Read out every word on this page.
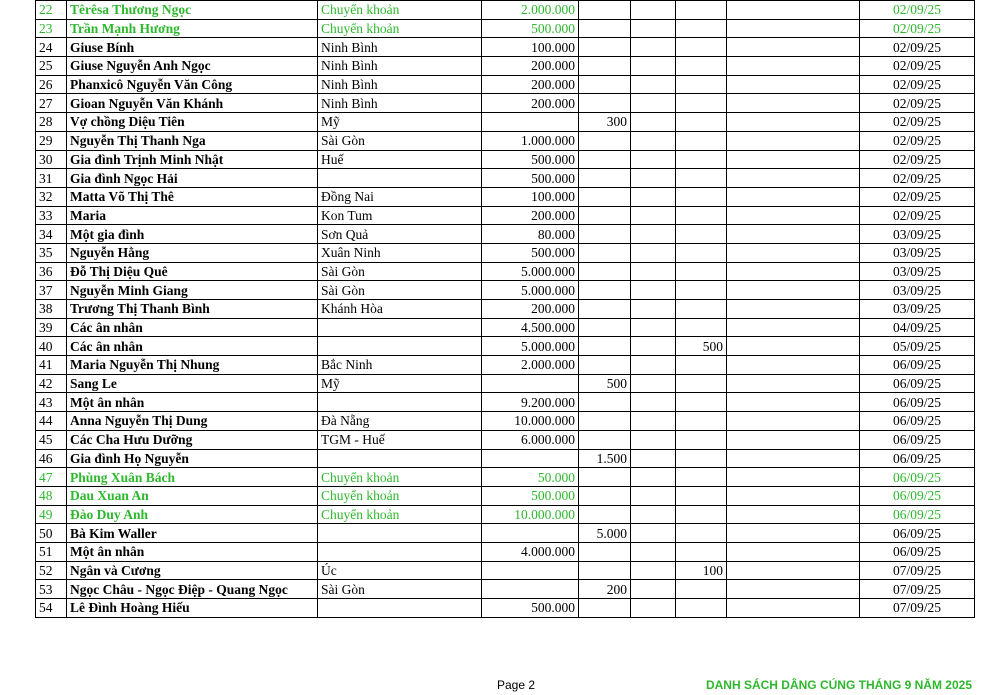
22	Têrêsa Thương Ngọc	Chuyển khoản	2.000.000					02/09/25
23	Trần Mạnh Hương	Chuyển khoản	500.000					02/09/25
24	Giuse Bính	Ninh Bình	100.000					02/09/25
25	Giuse Nguyễn Anh Ngọc	Ninh Bình	200.000					02/09/25
26	Phanxicô Nguyễn Văn Công	Ninh Bình	200.000					02/09/25
27	Gioan Nguyễn Văn Khánh	Ninh Bình	200.000					02/09/25
28	Vợ chồng Diệu Tiên	Mỹ		300				02/09/25
29	Nguyễn Thị Thanh Nga	Sài Gòn	1.000.000					02/09/25
30	Gia đình Trịnh Minh Nhật	Huế	500.000					02/09/25
31	Gia đình Ngọc Hải		500.000					02/09/25
32	Matta Võ Thị Thê	Đồng Nai	100.000					02/09/25
33	Maria	Kon Tum	200.000					02/09/25
34	Một gia đình	Sơn Quả	80.000					03/09/25
35	Nguyễn Hằng	Xuân Ninh	500.000					03/09/25
36	Đỗ Thị Diệu Quê	Sài Gòn	5.000.000					03/09/25
37	Nguyễn Minh Giang	Sài Gòn	5.000.000					03/09/25
38	Trương Thị Thanh Bình	Khánh Hòa	200.000					03/09/25
39	Các ân nhân		4.500.000					04/09/25
40	Các ân nhân		5.000.000			500		05/09/25
41	Maria Nguyễn Thị Nhung	Bắc Ninh	2.000.000					06/09/25
42	Sang Le	Mỹ		500				06/09/25
43	Một ân nhân		9.200.000					06/09/25
44	Anna Nguyễn Thị Dung	Đà Nẵng	10.000.000					06/09/25
45	Các Cha Hưu Dưỡng	TGM - Huế	6.000.000					06/09/25
46	Gia đình Họ Nguyễn			1.500				06/09/25
47	Phùng Xuân Bách	Chuyển khoản	50.000					06/09/25
48	Dau Xuan An	Chuyển khoản	500.000					06/09/25
49	Đào Duy Anh	Chuyển khoản	10.000.000					06/09/25
50	Bà Kim Waller			5.000				06/09/25
51	Một ân nhân		4.000.000					06/09/25
52	Ngân và Cương	Úc				100		07/09/25
53	Ngọc Châu - Ngọc Điệp - Quang Ngọc	Sài Gòn		200				07/09/25
54	Lê Đình Hoàng Hiếu		500.000					07/09/25
Page 2	DANH SÁCH DÂNG CÚNG THÁNG 9 NĂM 2025
